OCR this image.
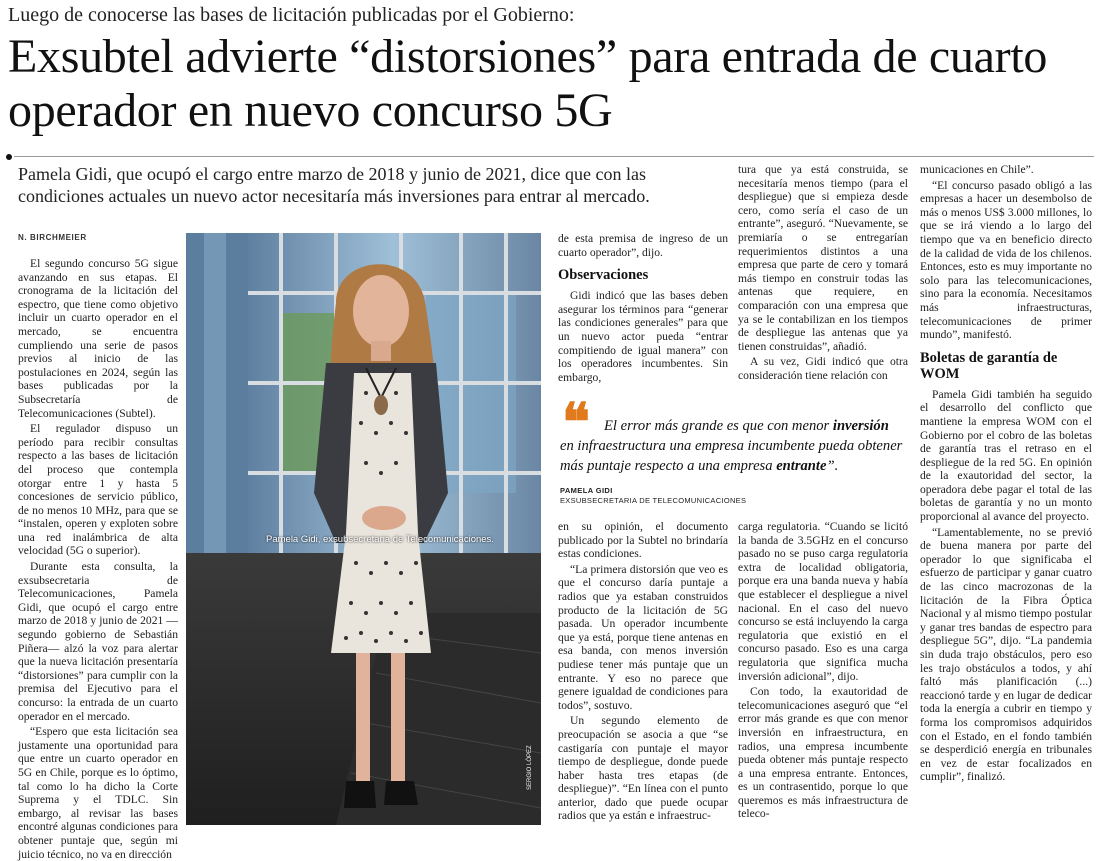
Luego de conocerse las bases de licitación publicadas por el Gobierno:
Exsubtel advierte “distorsiones” para entrada de cuarto operador en nuevo concurso 5G
Pamela Gidi, que ocupó el cargo entre marzo de 2018 y junio de 2021, dice que con las condiciones actuales un nuevo actor necesitaría más inversiones para entrar al mercado.
N. BIRCHMEIER

El segundo concurso 5G sigue avanzando en sus etapas. El cronograma de la licitación del espectro, que tiene como objetivo incluir un cuarto operador en el mercado, se encuentra cumpliendo una serie de pasos previos al inicio de las postulaciones en 2024, según las bases publicadas por la Subsecretaría de Telecomunicaciones (Subtel).

El regulador dispuso un período para recibir consultas respecto a las bases de licitación del proceso que contempla otorgar entre 1 y hasta 5 concesiones de servicio público, de no menos 10 MHz, para que se “instalen, operen y exploten sobre una red inalámbrica de alta velocidad (5G o superior).

Durante esta consulta, la exsubsecretaria de Telecomunicaciones, Pamela Gidi, que ocupó el cargo entre marzo de 2018 y junio de 2021 —segundo gobierno de Sebastián Piñera— alzó la voz para alertar que la nueva licitación presentaría “distorsiones” para cumplir con la premisa del Ejecutivo para el concurso: la entrada de un cuarto operador en el mercado.

“Espero que esta licitación sea justamente una oportunidad para que entre un cuarto operador en 5G en Chile, porque es lo óptimo, tal como lo ha dicho la Corte Suprema y el TDLC. Sin embargo, al revisar las bases encontré algunas condiciones para obtener puntaje que, según mi juicio técnico, no va en dirección

Pamela Gidi, exsubsecretaria de Telecomunicaciones.
SERGIO LÓPEZ

de esta premisa de ingreso de un cuarto operador”, dijo.

Observaciones

Gidi indicó que las bases deben asegurar los términos para “generar las condiciones generales” para que un nuevo actor pueda “entrar compitiendo de igual manera” con los operadores incumbentes. Sin embargo,

tura que ya está construida, se necesitaría menos tiempo (para el despliegue) que si empieza desde cero, como sería el caso de un entrante”, aseguró. “Nuevamente, se premiaría o se entregarían requerimientos distintos a una empresa que parte de cero y tomará más tiempo en construir todas las antenas que requiere, en comparación con una empresa que ya se le contabilizan en los tiempos de despliegue las antenas que ya tienen construidas”, añadió.

A su vez, Gidi indicó que otra consideración tiene relación con

❝ El error más grande es que con menor inversión en infraestructura una empresa incumbente pueda obtener más puntaje respecto a una empresa entrante”.
PAMELA GIDI
EXSUBSECRETARIA DE TELECOMUNICACIONES

en su opinión, el documento publicado por la Subtel no brindaría estas condiciones.

“La primera distorsión que veo es que el concurso daría puntaje a radios que ya estaban construidos producto de la licitación de 5G pasada. Un operador incumbente que ya está, porque tiene antenas en esa banda, con menos inversión pudiese tener más puntaje que un entrante. Y eso no parece que genere igualdad de condiciones para todos”, sostuvo.

Un segundo elemento de preocupación se asocia a que “se castigaría con puntaje el mayor tiempo de despliegue, donde puede haber hasta tres etapas (de despliegue)”. “En línea con el punto anterior, dado que puede ocupar radios que ya están e infraestruc-

carga regulatoria. “Cuando se licitó la banda de 3.5GHz en el concurso pasado no se puso carga regulatoria extra de localidad obligatoria, porque era una banda nueva y había que establecer el despliegue a nivel nacional. En el caso del nuevo concurso se está incluyendo la carga regulatoria que existió en el concurso pasado. Eso es una carga regulatoria que significa mucha inversión adicional”, dijo.

Con todo, la exautoridad de telecomunicaciones aseguró que “el error más grande es que con menor inversión en infraestructura, en radios, una empresa incumbente pueda obtener más puntaje respecto a una empresa entrante. Entonces, es un contrasentido, porque lo que queremos es más infraestructura de teleco-

municaciones en Chile”.

“El concurso pasado obligó a las empresas a hacer un desembolso de más o menos US$ 3.000 millones, lo que se irá viendo a lo largo del tiempo que va en beneficio directo de la calidad de vida de los chilenos. Entonces, esto es muy importante no solo para las telecomunicaciones, sino para la economía. Necesitamos más infraestructuras, telecomunicaciones de primer mundo”, manifestó.

Boletas de garantía de WOM

Pamela Gidi también ha seguido el desarrollo del conflicto que mantiene la empresa WOM con el Gobierno por el cobro de las boletas de garantía tras el retraso en el despliegue de la red 5G. En opinión de la exautoridad del sector, la operadora debe pagar el total de las boletas de garantía y no un monto proporcional al avance del proyecto.

“Lamentablemente, no se previó de buena manera por parte del operador lo que significaba el esfuerzo de participar y ganar cuatro de las cinco macrozonas de la licitación de la Fibra Óptica Nacional y al mismo tiempo postular y ganar tres bandas de espectro para despliegue 5G”, dijo. “La pandemia sin duda trajo obstáculos, pero eso les trajo obstáculos a todos, y ahí faltó más planificación (...) reaccionó tarde y en lugar de dedicar toda la energía a cubrir en tiempo y forma los compromisos adquiridos con el Estado, en el fondo también se desperdició energía en tribunales en vez de estar focalizados en cumplir”, finalizó.
